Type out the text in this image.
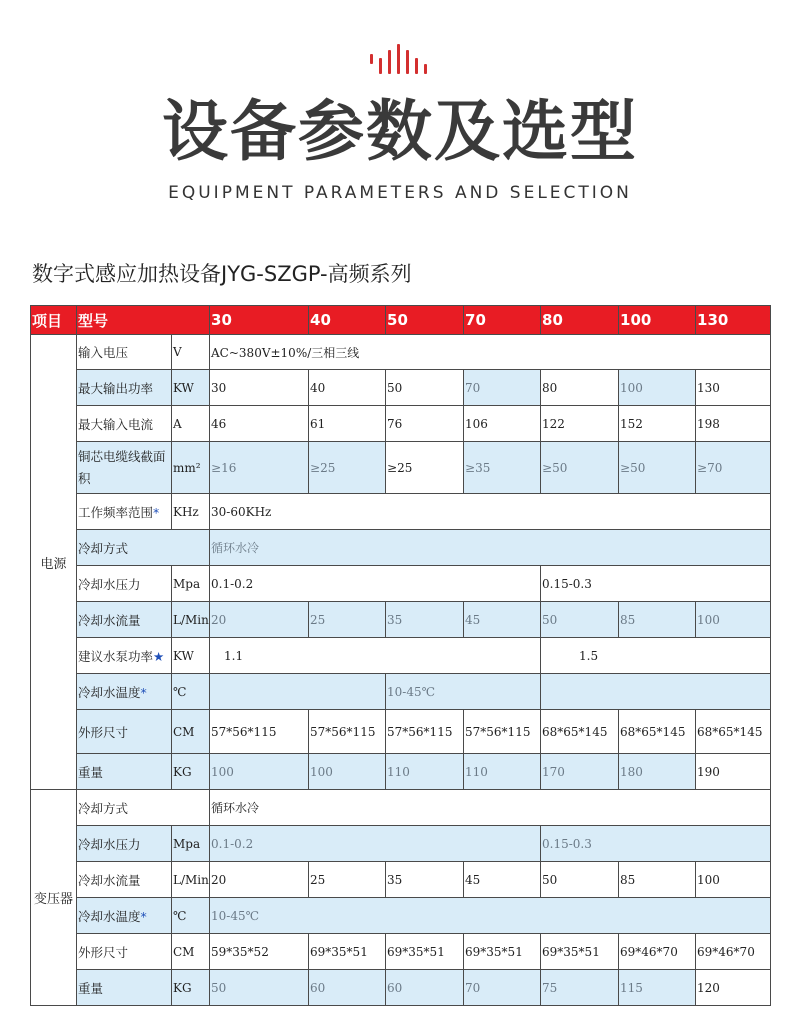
设备参数及选型
EQUIPMENT PARAMETERS AND SELECTION
数字式感应加热设备JYG-SZGP-高频系列
项目	型号		30	40	50	70	80	100	130
电源	输入电压	V	AC~380V±10%/三相三线						
	最大输出功率	KW	30	40	50	70	80	100	130
	最大输入电流	A	46	61	76	106	122	152	198
	铜芯电缆线截面积	mm²	≥16	≥25	≥25	≥35	≥50	≥50	≥70
	工作频率范围*	KHz	30-60KHz						
	冷却方式		循环水冷						
	冷却水压力	Mpa	0.1-0.2				0.15-0.3		
	冷却水流量	L/Min	20	25	35	45	50	85	100
	建议水泵功率★	KW	1.1				1.5		
	冷却水温度*	℃			10-45℃				
	外形尺寸	CM	57*56*115	57*56*115	57*56*115	57*56*115	68*65*145	68*65*145	68*65*145
	重量	KG	100	100	110	110	170	180	190
变压器	冷却方式		循环水冷						
	冷却水压力	Mpa	0.1-0.2				0.15-0.3		
	冷却水流量	L/Min	20	25	35	45	50	85	100
	冷却水温度*	℃	10-45℃						
	外形尺寸	CM	59*35*52	69*35*51	69*35*51	69*35*51	69*35*51	69*46*70	69*46*70
	重量	KG	50	60	60	70	75	115	120
